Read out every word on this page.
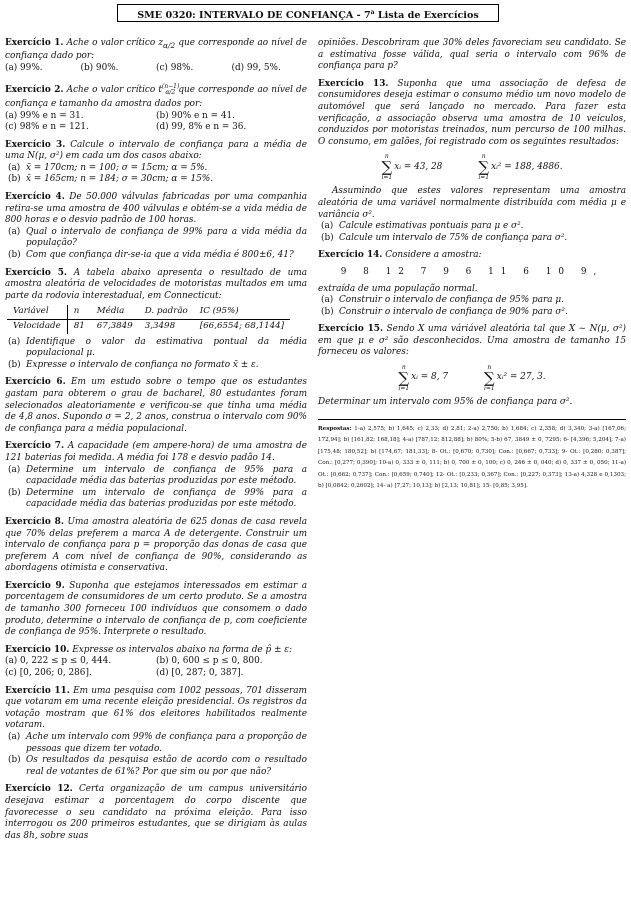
SME 0320: INTERVALO DE CONFIANÇA - 7$^a$ Lista de Exercícios

Exercício 1. Ache o valor crítico $z_{\alpha/2}$ que corresponde ao nível de confiança dado por:

(a) 99%.	(b) 90%.	(c) 98%.	(d) 99, 5%.

Exercício 2. Ache o valor crítico $t^{(n-1)}_{\alpha/2}$ que corresponde ao nível de confiança e tamanho da amostra dados por:

(a) 99% e n = 31.	(b) 90% e n = 41.
(c) 98% e n = 121.	(d) 99, 8% e n = 36.

Exercício 3. Calcule o intervalo de confiança para a média de uma N(μ, σ²) em cada um dos casos abaixo:

(a) x̄ = 170cm; n = 100; σ = 15cm; α = 5%.
(b) x̄ = 165cm; n = 184; σ = 30cm; α = 15%.

Exercício 4. De 50.000 válvulas fabricadas por uma companhia retira-se uma amostra de 400 válvulas e obtém-se a vida média de 800 horas e o desvio padrão de 100 horas.

(a) Qual o intervalo de confiança de 99% para a vida média da população?
(b) Com que confiança dir-se-ia que a vida média é 800±6, 41?

Exercício 5. A tabela abaixo apresenta o resultado de uma amostra aleatória de velocidades de motoristas multados em uma parte da rodovia interestadual, em Connecticut:

Variável	n	Média	D. padrão	IC (95%)
Velocidade	81	67,3849	3,3498	[66,6554; 68,1144]
(a) Identifique o valor da estimativa pontual da média populacional μ.
(b) Expresse o intervalo de confiança no formato x̄ ± ε.

Exercício 6. Em um estudo sobre o tempo que os estudantes gastam para obterem o grau de bacharel, 80 estudantes foram selecionados aleatoriamente e verificou-se que tinha uma média de 4,8 anos. Supondo σ = 2, 2 anos, construa o intervalo com 90% de confiança para a média populacional.

Exercício 7. A capacidade (em ampere-hora) de uma amostra de 121 baterias foi medida. A média foi 178 e desvio padão 14.

(a) Determine um intervalo de confiança de 95% para a capacidade média das baterias produzidas por este método.
(b) Determine um intervalo de confiança de 99% para a capacidade média das baterias produzidas por este método.

Exercício 8. Uma amostra aleatória de 625 donas de casa revela que 70% delas preferem a marca A de detergente. Construir um intervalo de confiança para p = proporção das donas de casa que preferem A com nível de confiança de 90%, considerando as abordagens otimista e conservativa.

Exercício 9. Suponha que estejamos interessados em estimar a porcentagem de consumidores de um certo produto. Se a amostra de tamanho 300 forneceu 100 indivíduos que consomem o dado produto, determine o intervalo de confiança de p, com coeficiente de confiança de 95%. Interprete o resultado.

Exercício 10. Expresse os intervalos abaixo na forma de p̂ ± ε:

(a) 0, 222 ≤ p ≤ 0, 444.	(b) 0, 600 ≤ p ≤ 0, 800.
(c) [0, 206; 0, 286].	(d) [0, 287; 0, 387].

Exercício 11. Em uma pesquisa com 1002 pessoas, 701 disseram que votaram em uma recente eleição presidencial. Os registros da votação mostram que 61% dos eleitores habilitados realmente votaram.

(a) Ache um intervalo com 99% de confiança para a proporção de pessoas que dizem ter votado.
(b) Os resultados da pesquisa estão de acordo com o resultado real de votantes de 61%? Por que sim ou por que não?

Exercício 12. Certa organização de um campus universitário desejava estimar a porcentagem do corpo discente que favorecesse o seu candidato na próxima eleição. Para isso interrogou os 200 primeiros estudantes, que se dirigiam às aulas das 8h, sobre suas

opiniões. Descobriram que 30% deles favoreciam seu candidato. Se a estimativa fosse válida, qual seria o intervalo com 96% de confiança para p?

Exercício 13. Suponha que uma associação de defesa de consumidores deseja estimar o consumo médio um novo modelo de automóvel que será lançado no mercado. Para fazer esta verificação, a associação observa uma amostra de 10 veículos, conduzidos por motoristas treinados, num percurso de 100 milhas. O consumo, em galões, foi registrado com os seguintes resultados:

n
∑
i=1
xᵢ = 43, 28
n
∑
i=1
xᵢ² = 188, 4886.

Assumindo que estes valores representam uma amostra aleatória de uma variável normalmente distribuída com média μ e variância σ².

(a) Calcule estimativas pontuais para μ e σ².
(b) Calcule um intervalo de 75% de confiança para σ².

Exercício 14. Considere a amostra:

9 8 12 7 9 6 11 6 10 9,

extraída de uma população normal.

(a) Construir o intervalo de confiança de 95% para μ.
(b) Construir o intervalo de confiança de 90% para σ².

Exercício 15. Sendo X uma váriável aleatória tal que X ∼ N(μ, σ²) em que μ e σ² são desconhecidos. Uma amostra de tamanho 15 forneceu os valores:

n
∑
i=1
xᵢ = 8, 7
n
∑
i=1
xᵢ² = 27, 3.

Determinar um intervalo com 95% de confiança para σ².

Respostas: 1-a) 2,575; b) 1,645; c) 2,33; d) 2,81; 2-a) 2,750; b) 1,684; c) 2,358; d) 3,340; 3-a) [167,06; 172,94]; b) [161,82; 168,18]; 4-a) [787,12; 812,88]; b) 80%; 5-b) 67, 3849 ± 0, 7295; 6- [4,396; 5,204]; 7-a) [175,48; 180,52]; b) [174,67; 181,33]; 8- Ot.: [0,670; 0,730]; Con.: [0,667; 0,733]; 9- Ot.: [0,280; 0,387]; Con.: [0,277; 0,390]; 10-a) 0, 333 ± 0, 111; b) 0, 700 ± 0, 100; c) 0, 246 ± 0, 040; d) 0, 337 ± 0, 050; 11-a) Ot.: [0,662; 0,737]; Con.: [0,659; 0,740]; 12- Ot.: [0,233; 0,367]; Con.: [0,227; 0,373]; 13-a) 4,328 e 0,1303; b) [0,0842; 0,2602]; 14- a) [7,27; 10,13]; b) [2,13; 10,81]; 15- [0,85; 3,95].
